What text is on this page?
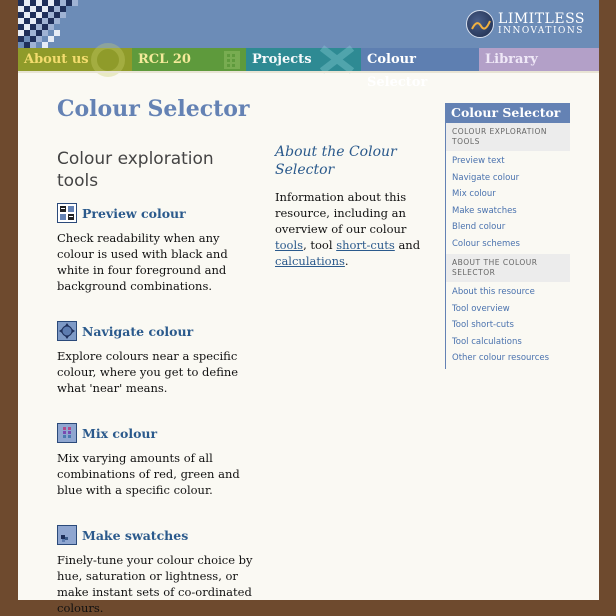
LIMITLESS
INNOVATIONS
About us	RCL 20	Projects	Colour Selector
Library
Colour Selector
Colour exploration tools
Preview colour

Check readability when any colour is used with black and white in four foreground and background combinations.

Navigate colour

Explore colours near a specific colour, where you get to define what 'near' means.

Mix colour

Mix varying amounts of all combinations of red, green and blue with a specific colour.

Make swatches

Finely-tune your colour choice by hue, saturation or lightness, or make instant sets of co-ordinated colours.

About the Colour Selector

Information about this resource, including an overview of our colour tools, tool short-cuts and calculations.

Colour Selector
COLOUR EXPLORATION TOOLS
Preview text
Navigate colour
Mix colour
Make swatches
Blend colour
Colour schemes
ABOUT THE COLOUR SELECTOR
About this resource
Tool overview
Tool short-cuts
Tool calculations
Other colour resources
